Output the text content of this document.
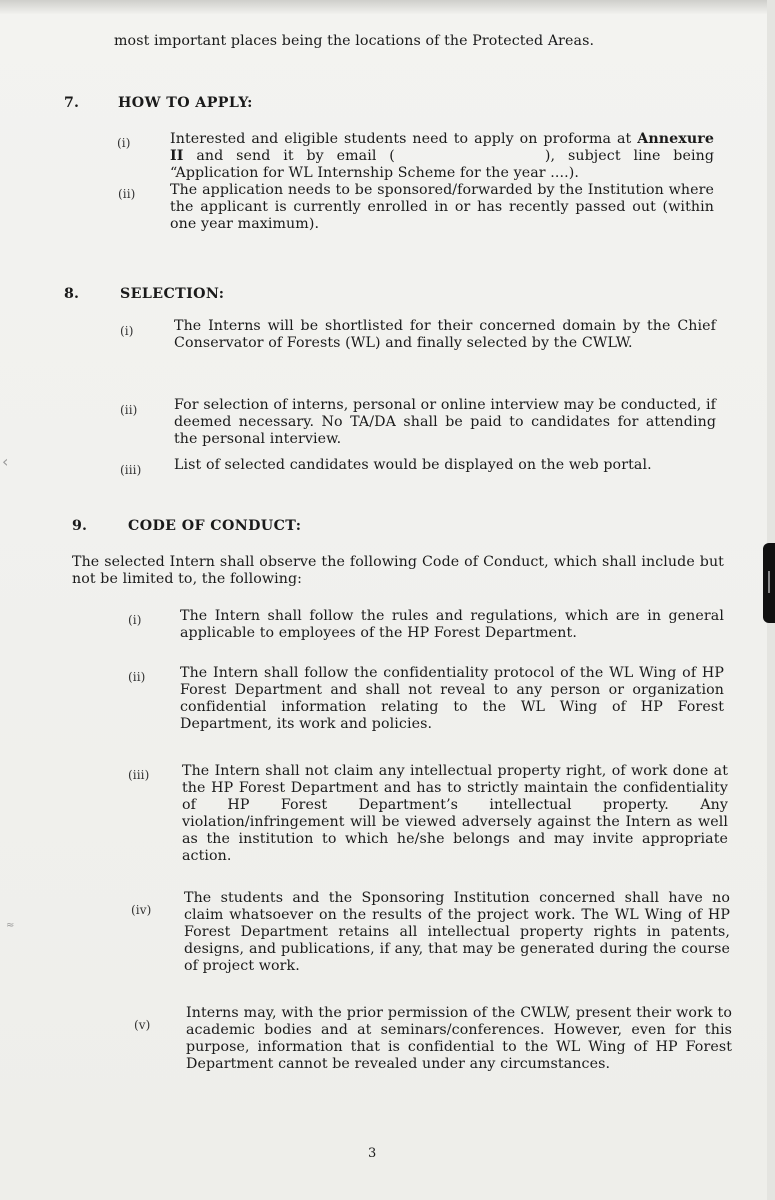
‹
≈

most important places being the locations of the Protected Areas.

7.	HOW TO APPLY:
(i)	Interested and eligible students need to apply on proforma at Annexure II and send it by email (	), subject line being “Application for WL Internship Scheme for the year ....).

(ii) The application needs to be sponsored/forwarded by the Institution where the applicant is currently enrolled in or has recently passed out (within one year maximum).

8.	SELECTION:
(i)	The Interns will be shortlisted for their concerned domain by the Chief Conservator of Forests (WL) and finally selected by the CWLW.

(ii)	For selection of interns, personal or online interview may be conducted, if deemed necessary. No TA/DA shall be paid to candidates for attending the personal interview.

(iii) List of selected candidates would be displayed on the web portal.

9.	CODE OF CONDUCT:

The selected Intern shall observe the following Code of Conduct, which shall include but not be limited to, the following:

(i)	The Intern shall follow the rules and regulations, which are in general applicable to employees of the HP Forest Department.

(ii) The Intern shall follow the confidentiality protocol of the WL Wing of HP Forest Department and shall not reveal to any person or organization confidential information relating to the WL Wing of HP Forest Department, its work and policies.

(iii) The Intern shall not claim any intellectual property right, of work done at the HP Forest Department and has to strictly maintain the confidentiality of HP Forest Department’s intellectual property. Any violation/infringement will be viewed adversely against the Intern as well as the institution to which he/she belongs and may invite appropriate action.

(iv)

The students and the Sponsoring Institution concerned shall have no claim whatsoever on the results of the project work. The WL Wing of HP Forest Department retains all intellectual property rights in patents, designs, and publications, if any, that may be generated during the course of project work.

(v)

Interns may, with the prior permission of the CWLW, present their work to academic bodies and at seminars/conferences. However, even for this purpose, information that is confidential to the WL Wing of HP Forest Department cannot be revealed under any circumstances.

3
